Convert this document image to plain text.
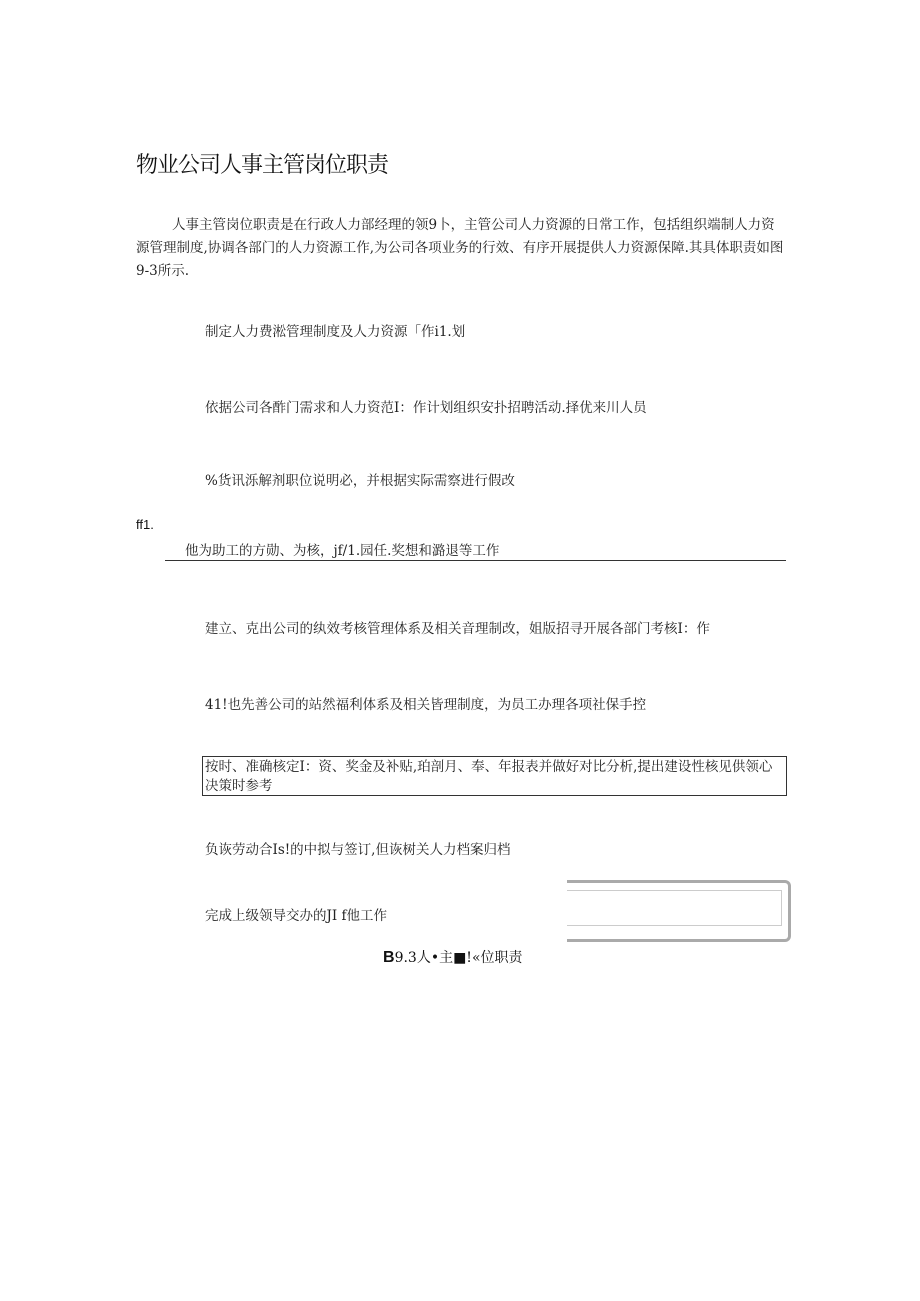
物业公司人事主管岗位职责
人事主管岗位职责是在行政人力部经理的领9卜，主管公司人力资源的日常工作，包括组织端制人力资源管理制度,协调各部门的人力资源工作,为公司各项业务的行效、有序开展提供人力资源保障.其具体职责如图9-3所示.
制定人力费淞管理制度及人力资源「作i1.划
依据公司各酢门需求和人力资范I：作计划组织安扑招聘活动.择优来川人员
%货讯泺解剂职位说明必，并根据实际需察进行假改
ff1.
他为助工的方勋、为核，jf/1.园任.奖想和潞退等工作
建立、克出公司的纨效考核管理体系及相关音理制改，姐版招寻开展各部门考核I：作
41!也先善公司的站然福利体系及相关皆理制度，为员工办理各项社保手控
按时、准确核定I：资、奖金及补贴,珀剖月、奉、年报表并做好对比分析,提出建设性核见供领心决策时参考
负诙劳动合Is!的中拟与签订,但诙树关人力档案归档
完成上级领导交办的JI f他工作
B9.3人•主■!«位职责
